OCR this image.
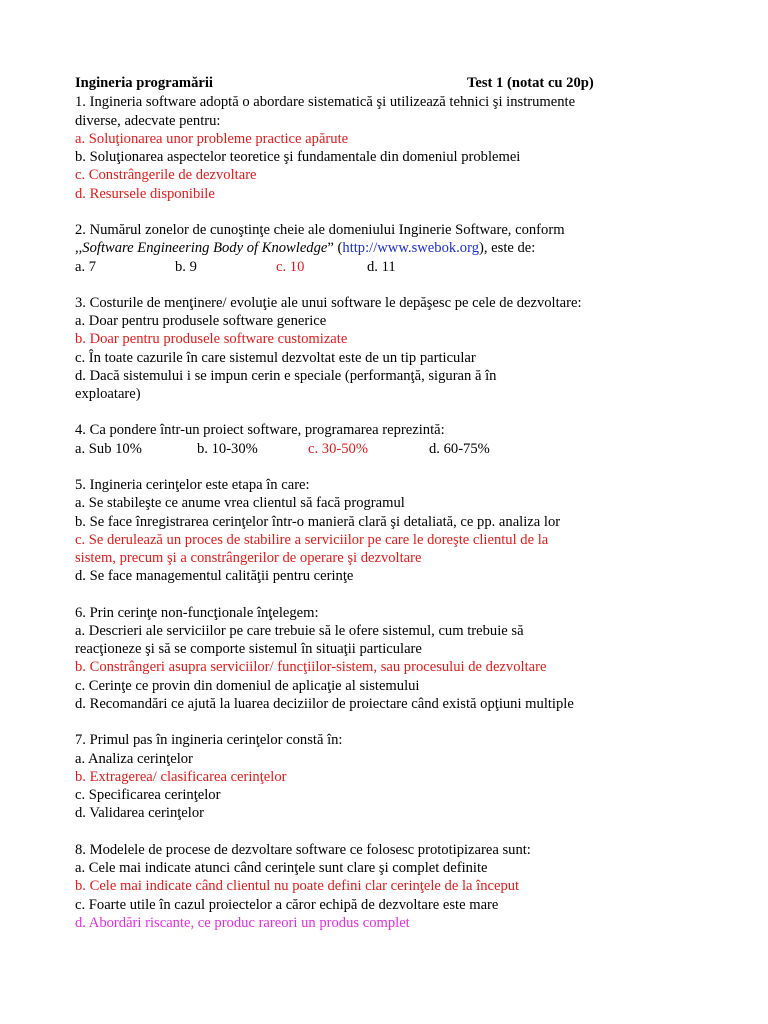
Ingineria programării	Test 1 (notat cu 20p)
1. Ingineria software adoptă o abordare sistematică şi utilizează tehnici şi instrumente
diverse, adecvate pentru:
a. Soluţionarea unor probleme practice apărute
b. Soluţionarea aspectelor teoretice şi fundamentale din domeniul problemei
c. Constrângerile de dezvoltare
d. Resursele disponibile
2. Numărul zonelor de cunoştinţe cheie ale domeniului Inginerie Software, conform
,,Software Engineering Body of Knowledge” (http://www.swebok.org), este de:
a. 7	b. 9	c. 10	d. 11
3. Costurile de menţinere/ evoluţie ale unui software le depăşesc pe cele de dezvoltare:
a. Doar pentru produsele software generice
b. Doar pentru produsele software customizate
c. În toate cazurile în care sistemul dezvoltat este de un tip particular
d. Dacă sistemului i se impun cerin e speciale (performanţă, siguran ă în
exploatare)
4. Ca pondere într-un proiect software, programarea reprezintă:
a. Sub 10%	b. 10-30%	c. 30-50%	d. 60-75%
5. Ingineria cerinţelor este etapa în care:
a. Se stabileşte ce anume vrea clientul să facă programul
b. Se face înregistrarea cerinţelor într-o manieră clară şi detaliată, ce pp. analiza lor
c. Se derulează un proces de stabilire a serviciilor pe care le doreşte clientul de la
sistem, precum şi a constrângerilor de operare şi dezvoltare
d. Se face managementul calităţii pentru cerinţe
6. Prin cerinţe non-funcţionale înţelegem:
a. Descrieri ale serviciilor pe care trebuie să le ofere sistemul, cum trebuie să
reacţioneze şi să se comporte sistemul în situaţii particulare
b. Constrângeri asupra serviciilor/ funcţiilor-sistem, sau procesului de dezvoltare
c. Cerinţe ce provin din domeniul de aplicaţie al sistemului
d. Recomandări ce ajută la luarea deciziilor de proiectare când există opţiuni multiple
7. Primul pas în ingineria cerinţelor constă în:
a. Analiza cerinţelor
b. Extragerea/ clasificarea cerinţelor
c. Specificarea cerinţelor
d. Validarea cerinţelor
8. Modelele de procese de dezvoltare software ce folosesc prototipizarea sunt:
a. Cele mai indicate atunci când cerinţele sunt clare şi complet definite
b. Cele mai indicate când clientul nu poate defini clar cerinţele de la început
c. Foarte utile în cazul proiectelor a căror echipă de dezvoltare este mare
d. Abordări riscante, ce produc rareori un produs complet
